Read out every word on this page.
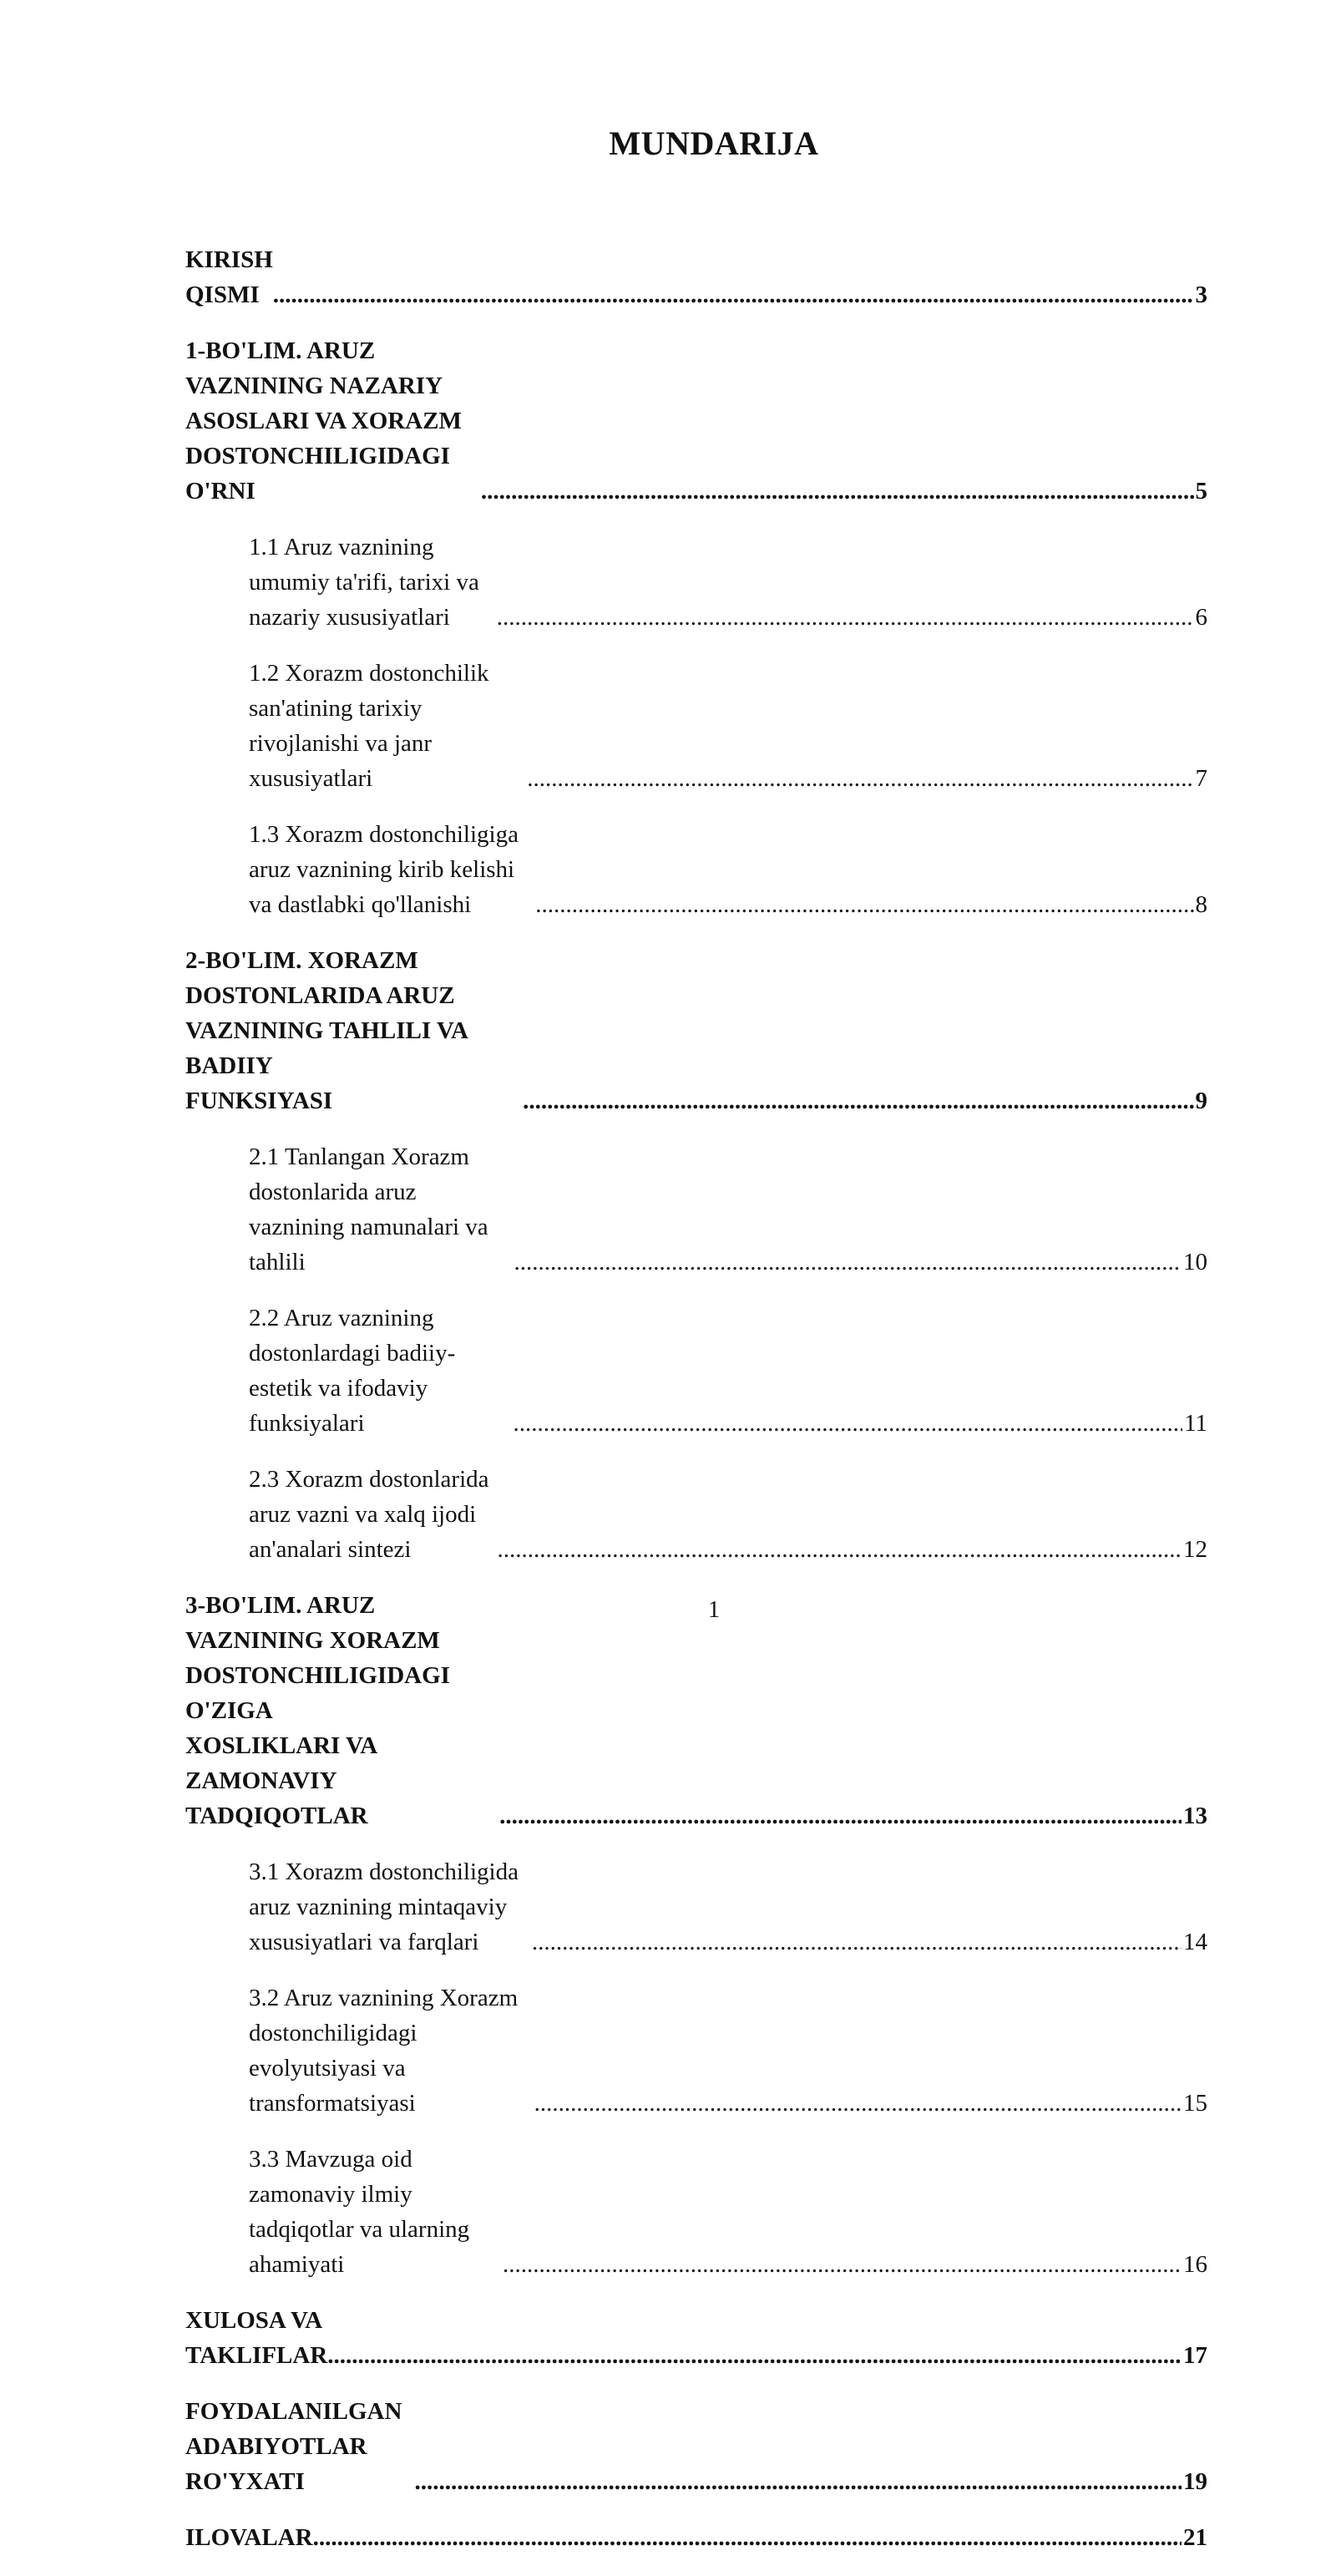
MUNDARIJA
KIRISH QISMI .....	3
1-BO'LIM. ARUZ VAZNINING NAZARIY ASOSLARI VA XORAZM
DOSTONCHILIGIDAGI O'RNI .....	5
1.1 Aruz vaznining umumiy ta'rifi, tarixi va nazariy xususiyatlari .....	6
1.2 Xorazm dostonchilik san'atining tarixiy rivojlanishi va janr xususiyatlari .....	7
1.3 Xorazm dostonchiligiga aruz vaznining kirib kelishi va dastlabki qo'llanishi .....	8
2-BO'LIM. XORAZM DOSTONLARIDA ARUZ VAZNINING TAHLILI VA BADIIY
FUNKSIYASI .....	9
2.1 Tanlangan Xorazm dostonlarida aruz vaznining namunalari va tahlili .....	10
2.2 Aruz vaznining dostonlardagi badiiy-estetik va ifodaviy funksiyalari .....	11
2.3 Xorazm dostonlarida aruz vazni va xalq ijodi an'analari sintezi .....	12
3-BO'LIM. ARUZ VAZNINING XORAZM DOSTONCHILIGIDAGI O'ZIGA
XOSLIKLARI VA ZAMONAVIY TADQIQOTLAR .....	13
3.1 Xorazm dostonchiligida aruz vaznining mintaqaviy xususiyatlari va farqlari .....	14
3.2 Aruz vaznining Xorazm dostonchiligidagi evolyutsiyasi va transformatsiyasi .....	15
3.3 Mavzuga oid zamonaviy ilmiy tadqiqotlar va ularning ahamiyati .....	16
XULOSA VA TAKLIFLAR .....	17
FOYDALANILGAN ADABIYOTLAR RO'YXATI .....	19
ILOVALAR .....	21
1
